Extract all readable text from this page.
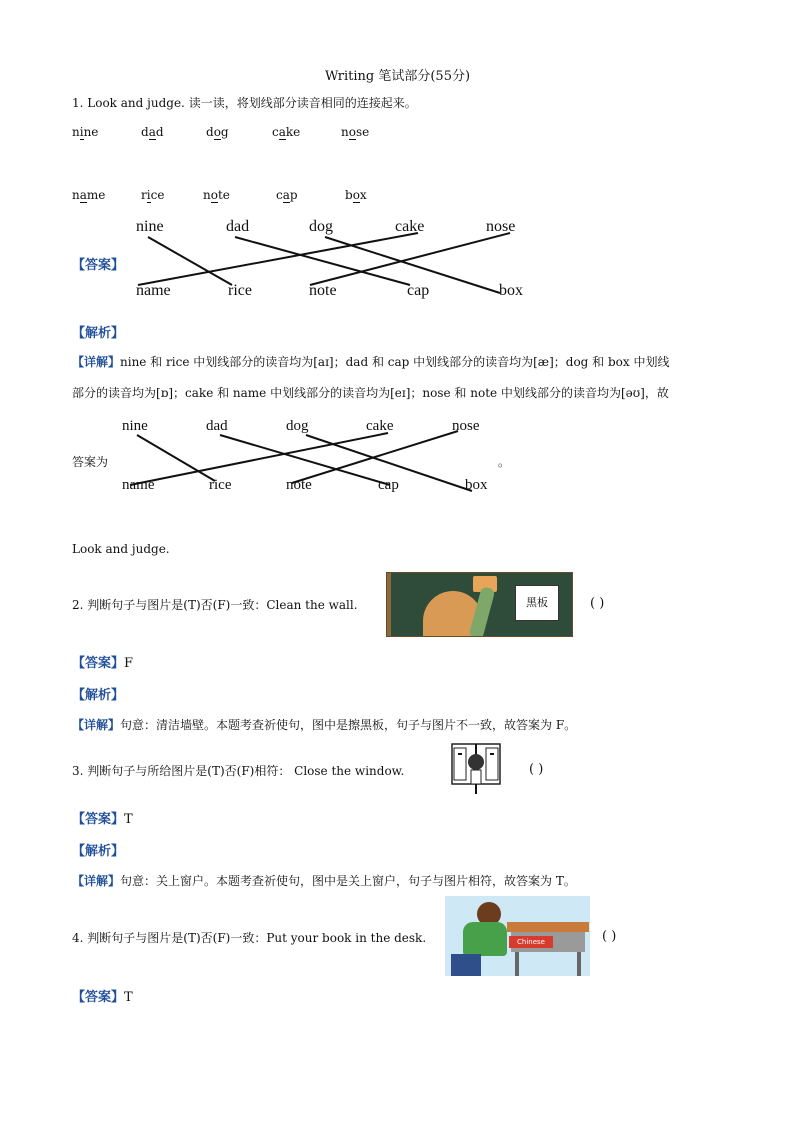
Writing 笔试部分(55分)
1. Look and judge. 读一读，将划线部分读音相同的连接起来。
nine	dad	dog	cake	nose
name	rice	note	cap	box
【答案】
nine	dad	dog	cake	nose
name	rice	note	cap	box
【解析】
【详解】nine 和 rice 中划线部分的读音均为[aɪ]；dad 和 cap 中划线部分的读音均为[æ]；dog 和 box 中划线
部分的读音均为[ɒ]；cake 和 name 中划线部分的读音均为[eɪ]；nose 和 note 中划线部分的读音均为[əʊ]，故
答案为
nine	dad	dog	cake	nose
name	rice	note	cap	box
。
Look and judge.
2. 判断句子与图片是(T)否(F)一致：Clean the wall.	黑板	( )
【答案】F
【解析】
【详解】句意：清洁墙壁。本题考查祈使句，图中是擦黑板，句子与图片不一致，故答案为 F。
3. 判断句子与所给图片是(T)否(F)相符： Close the window.	( )
【答案】T
【解析】
【详解】句意：关上窗户。本题考查祈使句，图中是关上窗户，句子与图片相符，故答案为 T。
4. 判断句子与图片是(T)否(F)一致：Put your book in the desk.	Chinese	( )
【答案】T
